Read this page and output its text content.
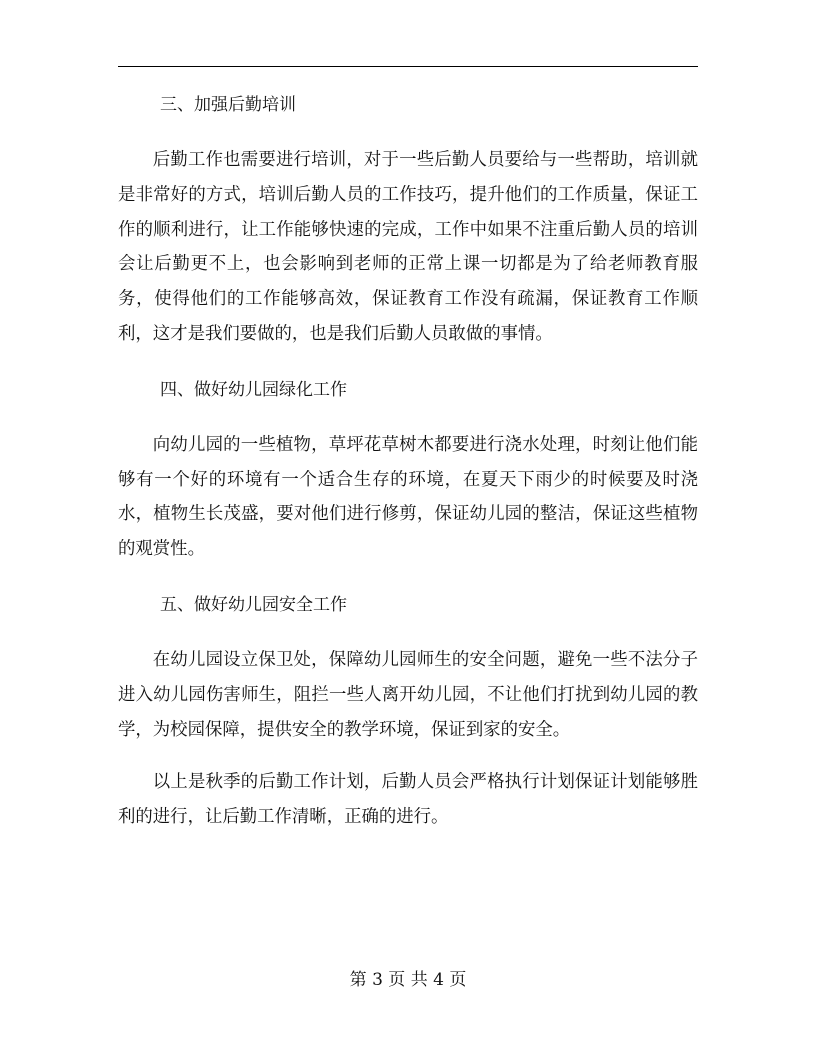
三、加强后勤培训

后勤工作也需要进行培训，对于一些后勤人员要给与一些帮助，培训就是非常好的方式，培训后勤人员的工作技巧，提升他们的工作质量，保证工作的顺利进行，让工作能够快速的完成，工作中如果不注重后勤人员的培训会让后勤更不上，也会影响到老师的正常上课一切都是为了给老师教育服务，使得他们的工作能够高效，保证教育工作没有疏漏，保证教育工作顺利，这才是我们要做的，也是我们后勤人员敢做的事情。

四、做好幼儿园绿化工作

向幼儿园的一些植物，草坪花草树木都要进行浇水处理，时刻让他们能够有一个好的环境有一个适合生存的环境，在夏天下雨少的时候要及时浇水，植物生长茂盛，要对他们进行修剪，保证幼儿园的整洁，保证这些植物的观赏性。

五、做好幼儿园安全工作

在幼儿园设立保卫处，保障幼儿园师生的安全问题，避免一些不法分子进入幼儿园伤害师生，阻拦一些人离开幼儿园，不让他们打扰到幼儿园的教学，为校园保障，提供安全的教学环境，保证到家的安全。

以上是秋季的后勤工作计划，后勤人员会严格执行计划保证计划能够胜利的进行，让后勤工作清晰，正确的进行。

第 3 页 共 4 页
